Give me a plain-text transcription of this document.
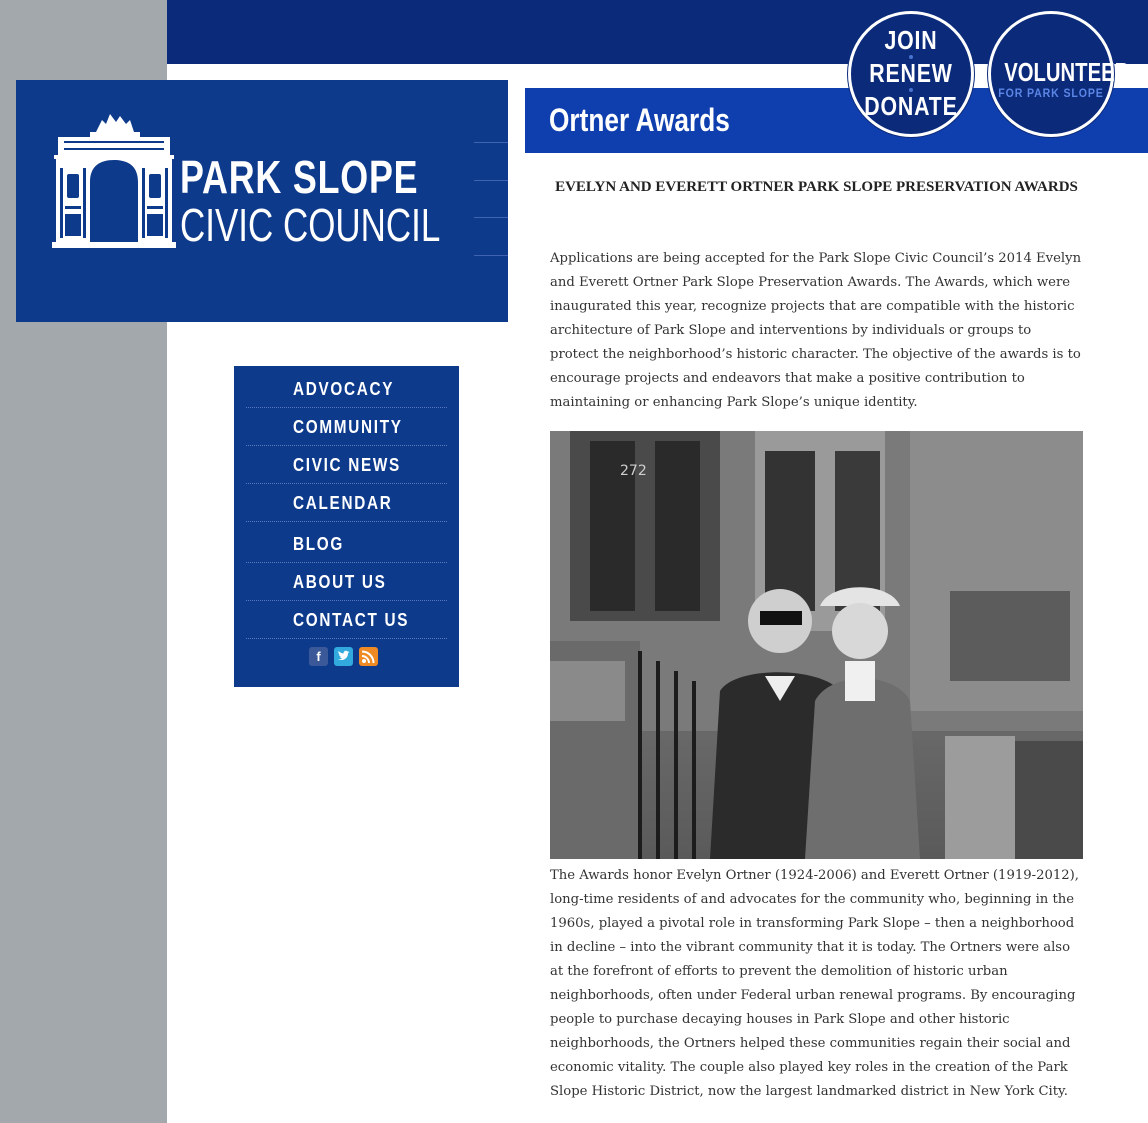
PARK SLOPE
CIVIC COUNCIL
ADVOCACY
COMMUNITY
CIVIC NEWS
CALENDAR
BLOG
ABOUT US
CONTACT US
f
Ortner Awards
JOIN
RENEW
DONATE
VOLUNTEER
FOR PARK SLOPE
EVELYN AND EVERETT ORTNER PARK SLOPE PRESERVATION AWARDS

Applications are being accepted for the Park Slope Civic Council’s 2014 Evelyn and Everett Ortner Park Slope Preservation Awards. The Awards, which were inaugurated this year, recognize projects that are compatible with the historic architecture of Park Slope and interventions by individuals or groups to protect the neighborhood’s historic character. The objective of the awards is to encourage projects and endeavors that make a positive contribution to maintaining or enhancing Park Slope’s unique identity.

272

The Awards honor Evelyn Ortner (1924-2006) and Everett Ortner (1919-2012), long-time residents of and advocates for the community who, beginning in the 1960s, played a pivotal role in transforming Park Slope – then a neighborhood in decline – into the vibrant community that it is today. The Ortners were also at the forefront of efforts to prevent the demolition of historic urban neighborhoods, often under Federal urban renewal programs. By encouraging people to purchase decaying houses in Park Slope and other historic neighborhoods, the Ortners helped these communities regain their social and economic vitality. The couple also played key roles in the creation of the Park Slope Historic District, now the largest landmarked district in New York City.
